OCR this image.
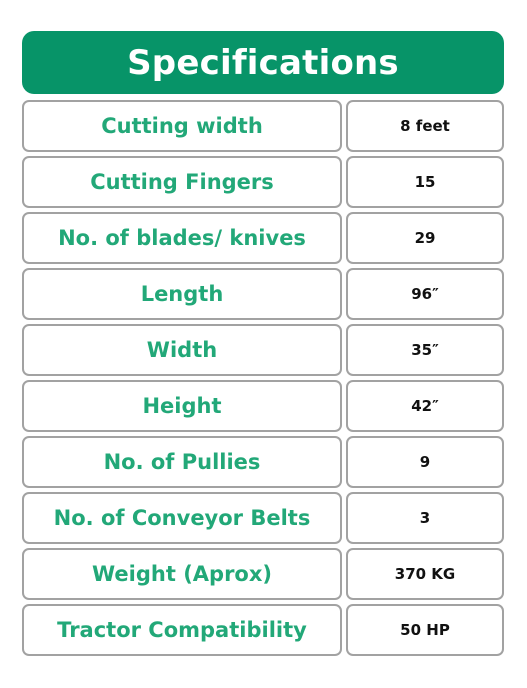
Specifications
Cutting width	8 feet
Cutting Fingers	15
No. of blades/ knives	29
Length	96″
Width	35″
Height	42″
No. of Pullies	9
No. of Conveyor Belts	3
Weight (Aprox)	370 KG
Tractor Compatibility	50 HP
